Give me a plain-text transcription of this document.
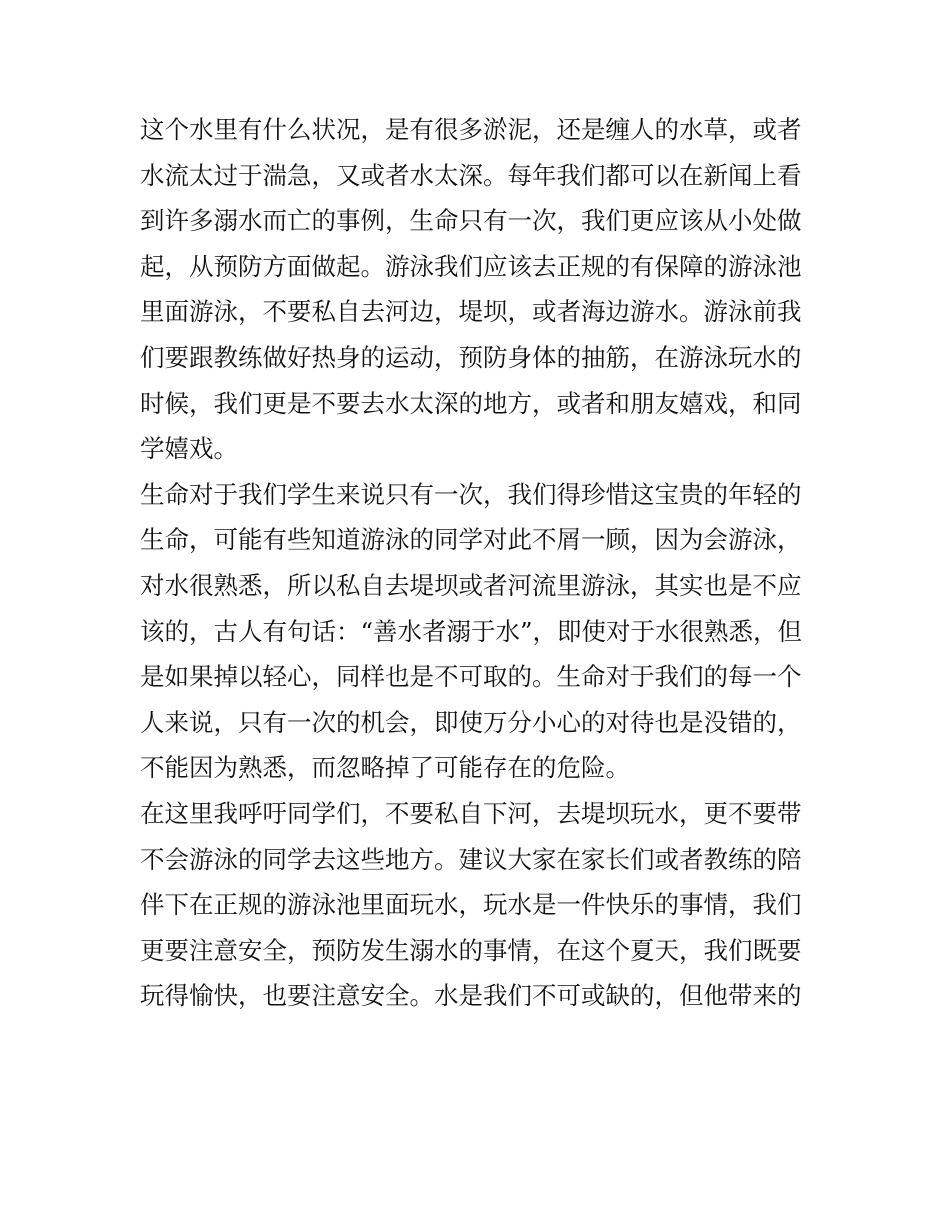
这个水里有什么状况，是有很多淤泥，还是缠人的水草，或者
水流太过于湍急，又或者水太深。每年我们都可以在新闻上看
到许多溺水而亡的事例，生命只有一次，我们更应该从小处做
起，从预防方面做起。游泳我们应该去正规的有保障的游泳池
里面游泳，不要私自去河边，堤坝，或者海边游水。游泳前我
们要跟教练做好热身的运动，预防身体的抽筋，在游泳玩水的
时候，我们更是不要去水太深的地方，或者和朋友嬉戏，和同
学嬉戏。
生命对于我们学生来说只有一次，我们得珍惜这宝贵的年轻的
生命，可能有些知道游泳的同学对此不屑一顾，因为会游泳，
对水很熟悉，所以私自去堤坝或者河流里游泳，其实也是不应
该的，古人有句话：“善水者溺于水”，即使对于水很熟悉，但
是如果掉以轻心，同样也是不可取的。生命对于我们的每一个
人来说，只有一次的机会，即使万分小心的对待也是没错的，
不能因为熟悉，而忽略掉了可能存在的危险。
在这里我呼吁同学们，不要私自下河，去堤坝玩水，更不要带
不会游泳的同学去这些地方。建议大家在家长们或者教练的陪
伴下在正规的游泳池里面玩水，玩水是一件快乐的事情，我们
更要注意安全，预防发生溺水的事情，在这个夏天，我们既要
玩得愉快，也要注意安全。水是我们不可或缺的，但他带来的
